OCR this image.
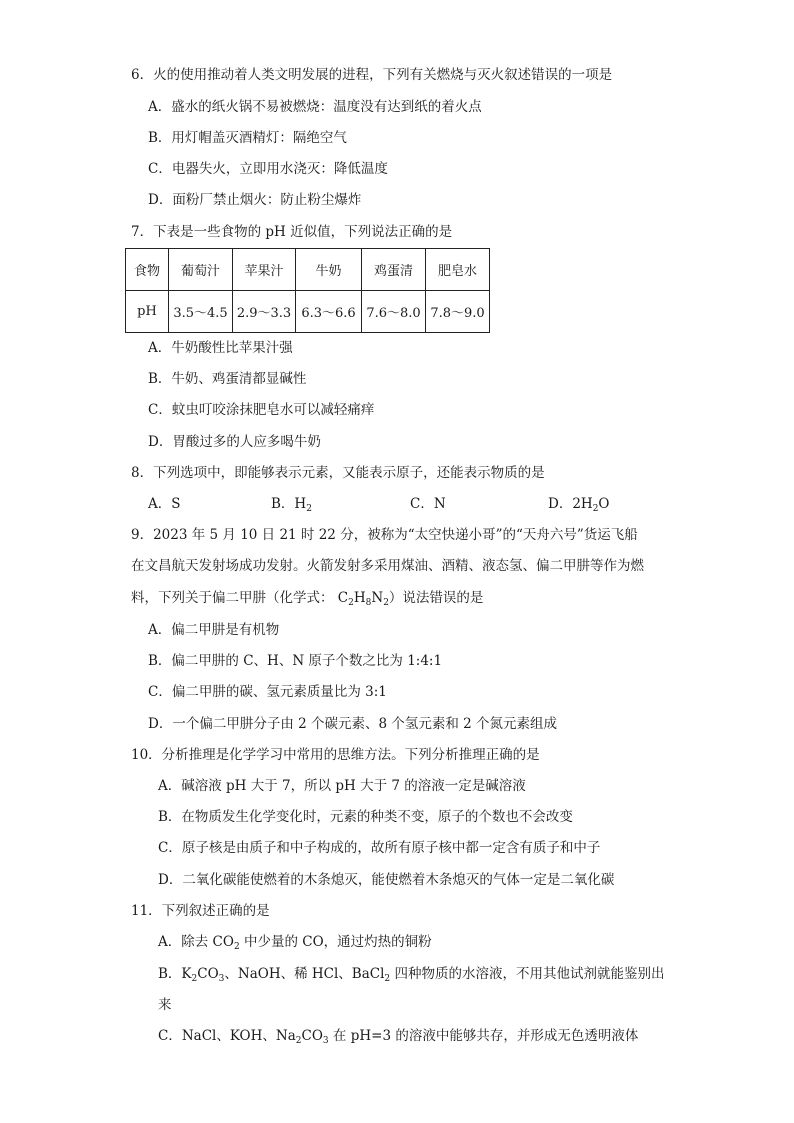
6．火的使用推动着人类文明发展的进程，下列有关燃烧与灭火叙述错误的一项是
A．盛水的纸火锅不易被燃烧：温度没有达到纸的着火点
B．用灯帽盖灭酒精灯：隔绝空气
C．电器失火，立即用水浇灭：降低温度
D．面粉厂禁止烟火：防止粉尘爆炸
7．下表是一些食物的 pH 近似值，下列说法正确的是
食物	葡萄汁	苹果汁	牛奶	鸡蛋清	肥皂水
pH	3.5～4.5	2.9～3.3	6.3～6.6	7.6～8.0	7.8～9.0
A．牛奶酸性比苹果汁强
B．牛奶、鸡蛋清都显碱性
C．蚊虫叮咬涂抹肥皂水可以减轻痛痒
D．胃酸过多的人应多喝牛奶
8．下列选项中，即能够表示元素，又能表示原子，还能表示物质的是
A．S	B．$H_2$	C．N	D．$2H_2O$
9．2023 年 5 月 10 日 21 时 22 分，被称为“太空快递小哥”的“天舟六号”货运飞船
在文昌航天发射场成功发射。火箭发射多采用煤油、酒精、液态氢、偏二甲肼等作为燃
料，下列关于偏二甲肼（化学式： $C_2H_8N_2$）说法错误的是
A．偏二甲肼是有机物
B．偏二甲肼的 C、H、N 原子个数之比为 1:4:1
C．偏二甲肼的碳、氢元素质量比为 3:1
D．一个偏二甲肼分子由 2 个碳元素、8 个氢元素和 2 个氮元素组成
10．分析推理是化学学习中常用的思维方法。下列分析推理正确的是
A．碱溶液 pH 大于 7，所以 pH 大于 7 的溶液一定是碱溶液
B．在物质发生化学变化时，元素的种类不变，原子的个数也不会改变
C．原子核是由质子和中子构成的，故所有原子核中都一定含有质子和中子
D．二氧化碳能使燃着的木条熄灭，能使燃着木条熄灭的气体一定是二氧化碳
11．下列叙述正确的是
A．除去 $CO_2$ 中少量的 CO，通过灼热的铜粉
B．$K_2CO_3$、NaOH、稀 HCl、BaCl$_2$ 四种物质的水溶液，不用其他试剂就能鉴别出
来
C．NaCl、KOH、$Na_2CO_3$ 在 pH=3 的溶液中能够共存，并形成无色透明液体
